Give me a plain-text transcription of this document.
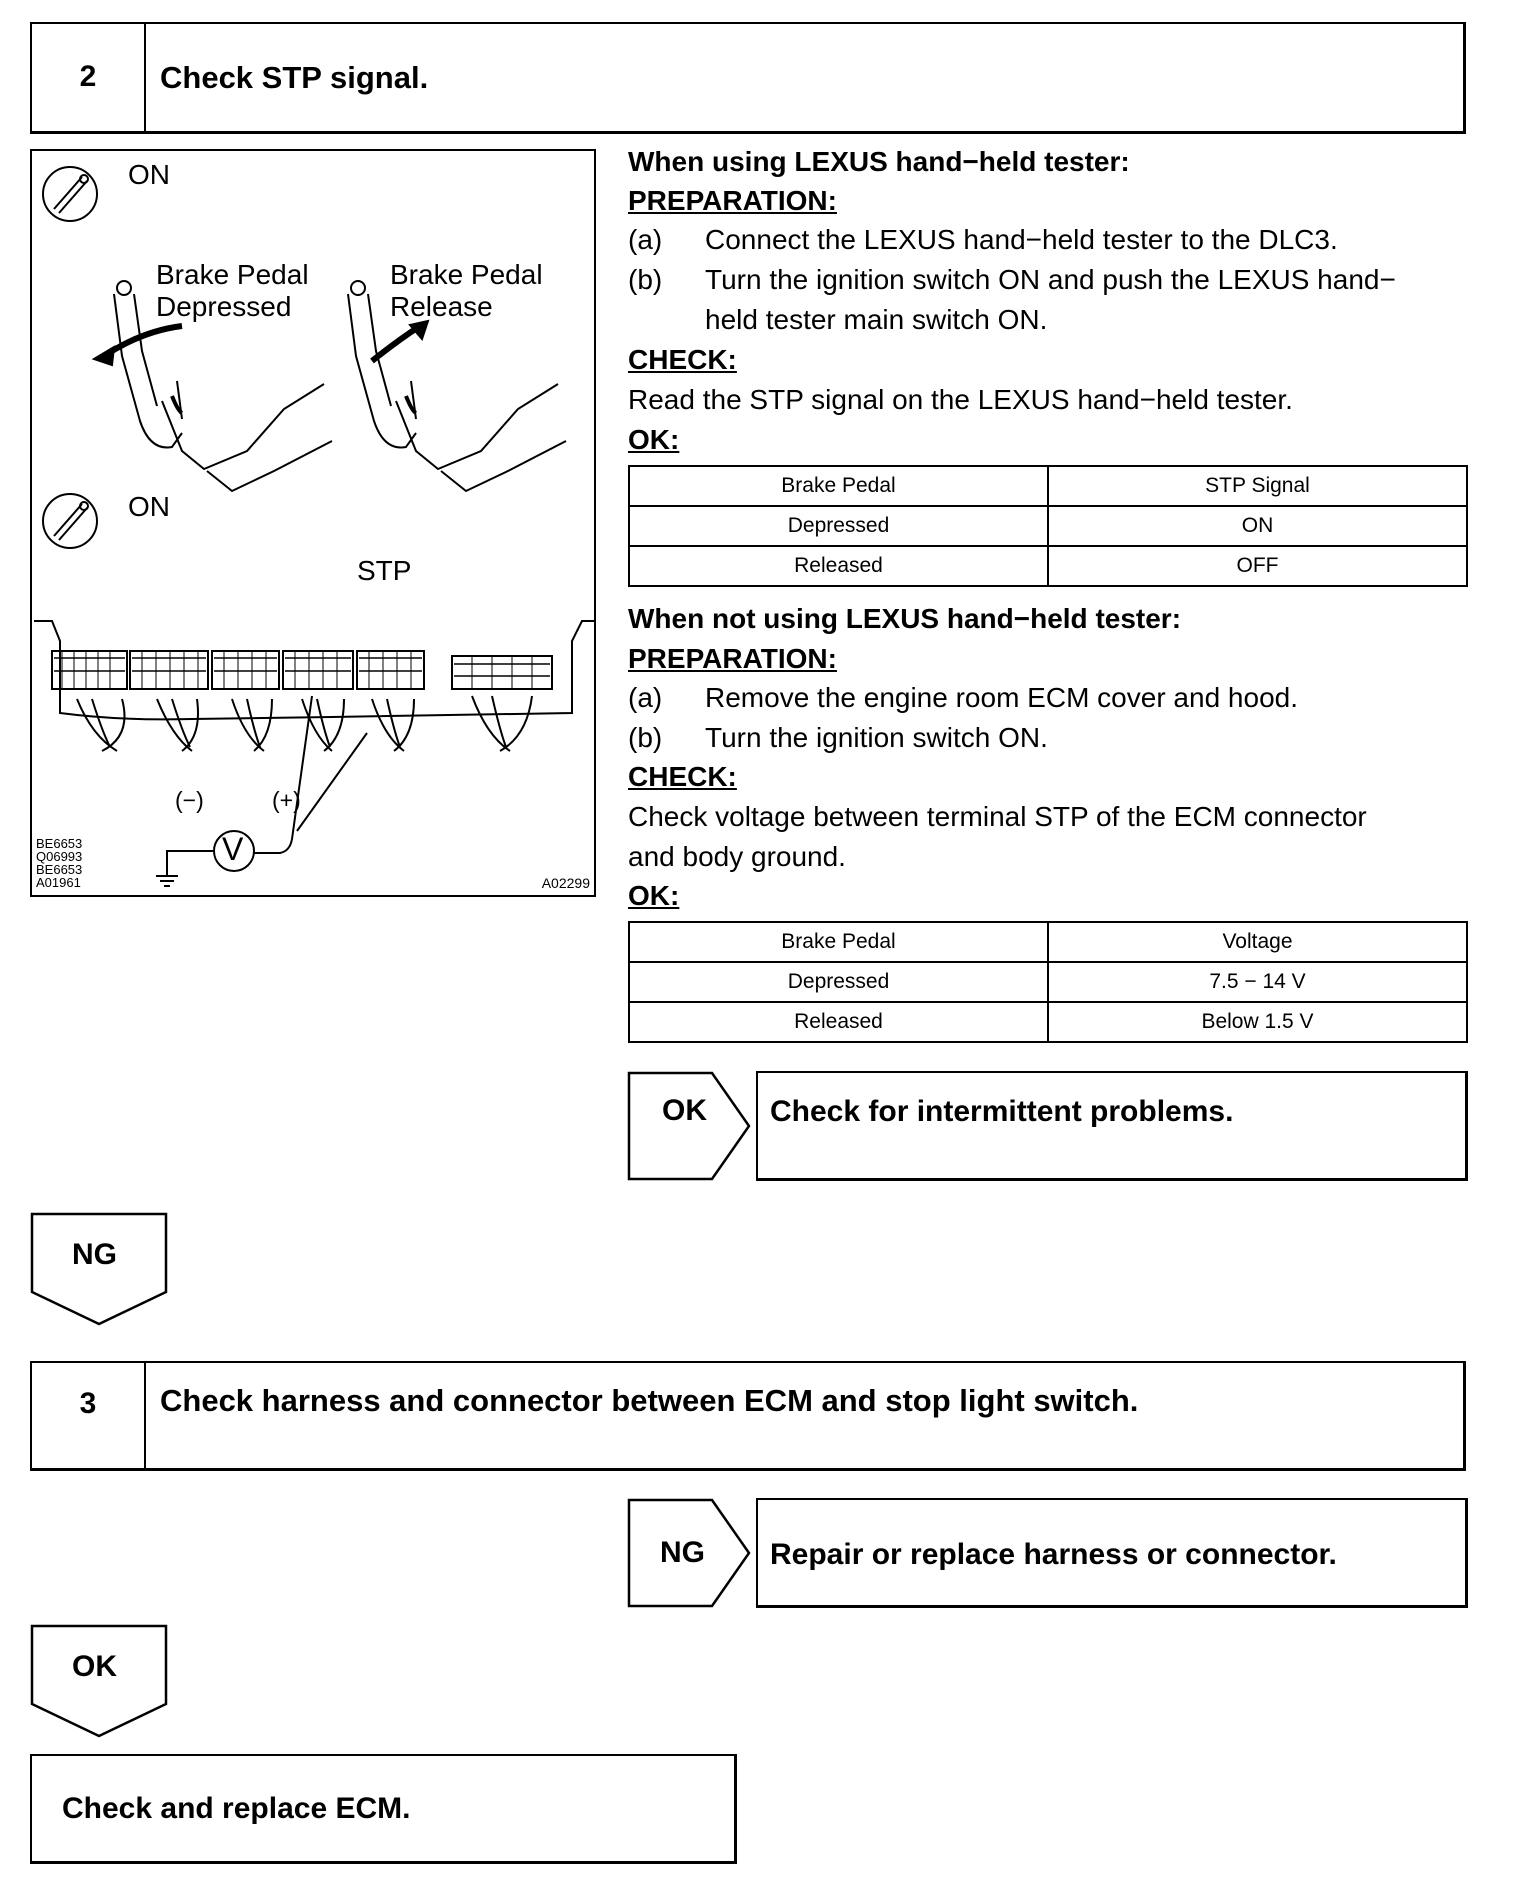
2	Check STP signal.
ON
Brake Pedal
Depressed
Brake Pedal
Release
ON
STP
(−)	(+)
V
BE6653
Q06993
BE6653
A01961	A02299
When using LEXUS hand−held tester:
PREPARATION:
(a) Connect the LEXUS hand−held tester to the DLC3.
(b) Turn the ignition switch ON and push the LEXUS hand−
held tester main switch ON.
CHECK:
Read the STP signal on the LEXUS hand−held tester.
OK:
Brake Pedal	STP Signal
Depressed	ON
Released	OFF
When not using LEXUS hand−held tester:
PREPARATION:
(a) Remove the engine room ECM cover and hood.
(b) Turn the ignition switch ON.
CHECK:
Check voltage between terminal STP of the ECM connector
and body ground.
OK:
Brake Pedal	Voltage
Depressed	7.5 − 14 V
Released	Below 1.5 V
OK Check for intermittent problems.
NG
3	Check harness and connector between ECM and stop light switch.
NG Repair or replace harness or connector.
OK
Check and replace ECM.
